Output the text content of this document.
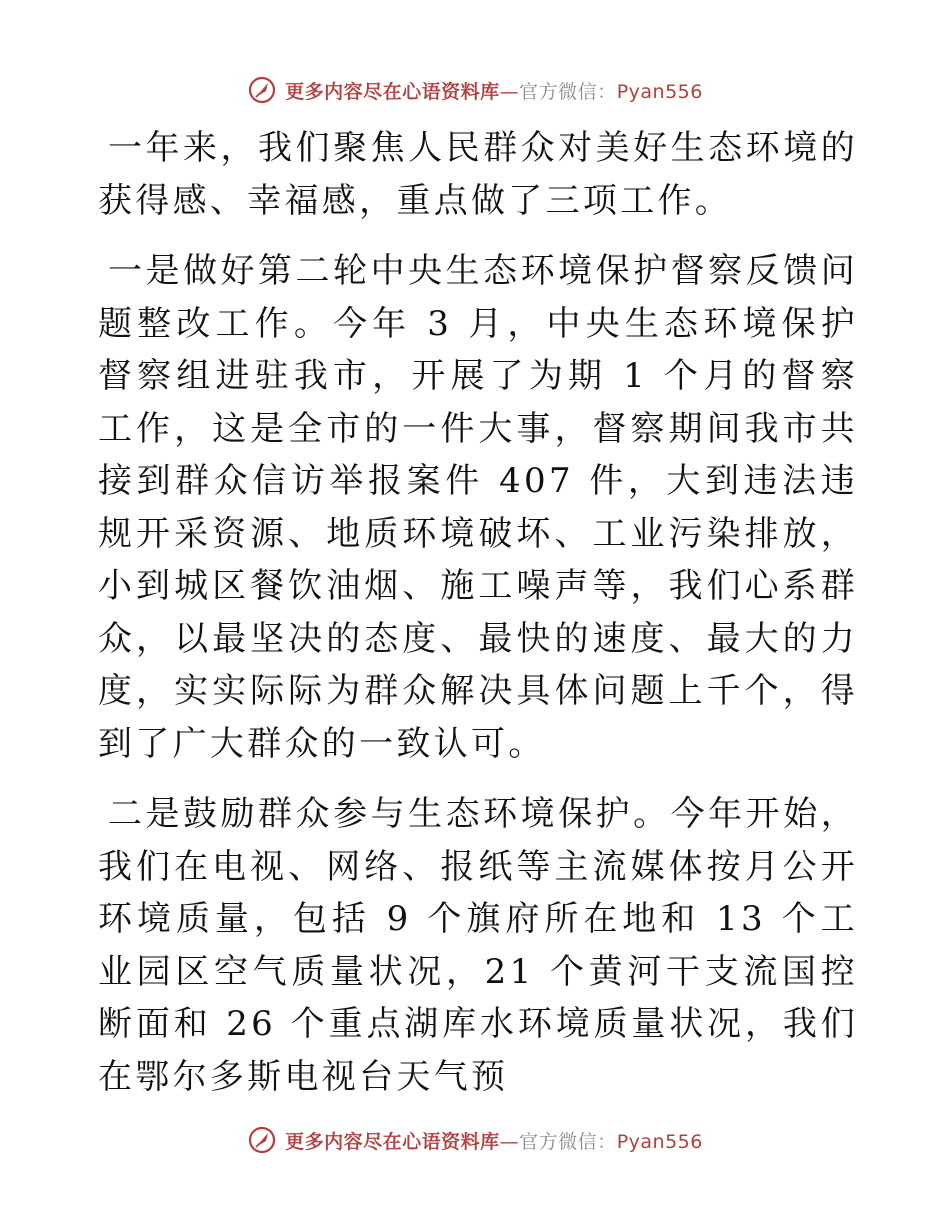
更多内容尽在心语资料库—官方微信：Pyan556

一年来，我们聚焦人民群众对美好生态环境的获得感、幸福感，重点做了三项工作。

一是做好第二轮中央生态环境保护督察反馈问题整改工作。今年 3 月，中央生态环境保护督察组进驻我市，开展了为期 1 个月的督察工作，这是全市的一件大事，督察期间我市共接到群众信访举报案件 407 件，大到违法违规开采资源、地质环境破坏、工业污染排放，小到城区餐饮油烟、施工噪声等，我们心系群众，以最坚决的态度、最快的速度、最大的力度，实实际际为群众解决具体问题上千个，得到了广大群众的一致认可。

二是鼓励群众参与生态环境保护。今年开始，我们在电视、网络、报纸等主流媒体按月公开环境质量，包括 9 个旗府所在地和 13 个工业园区空气质量状况，21 个黄河干支流国控断面和 26 个重点湖库水环境质量状况，我们在鄂尔多斯电视台天气预

更多内容尽在心语资料库—官方微信：Pyan556
